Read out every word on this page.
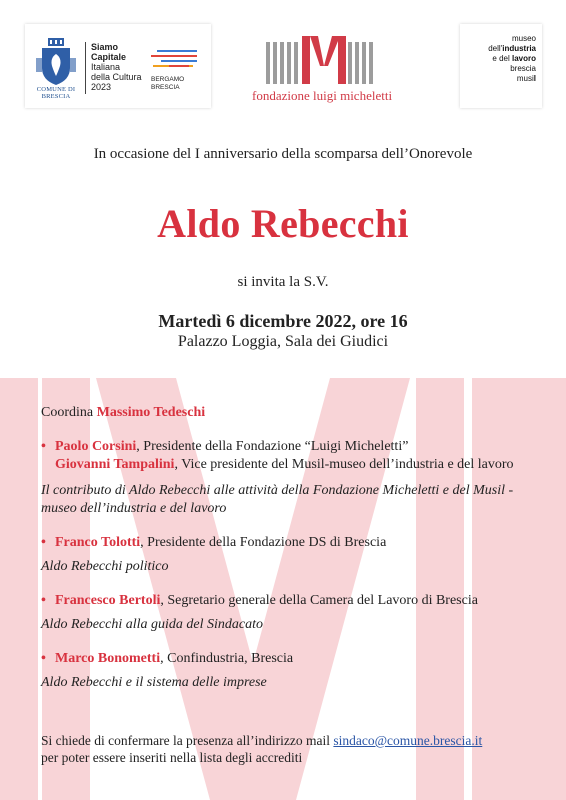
COMUNE DI
BRESCIA
Siamo
Capitale
Italiana
della Cultura
2023
BERGAMO
BRESCIA
fondazione luigi micheletti
museo
dell'industria
e del lavoro
brescia
musil
In occasione del I anniversario della scomparsa dell’Onorevole
Aldo Rebecchi
si invita la S.V.
Martedì 6 dicembre 2022, ore 16
Palazzo Loggia, Sala dei Giudici

Coordina Massimo Tedeschi

• Paolo Corsini, Presidente della Fondazione “Luigi Micheletti”

Giovanni Tampalini, Vice presidente del Musil-museo dell’industria e del lavoro

Il contributo di Aldo Rebecchi alle attività della Fondazione Micheletti e del Musil - museo dell’industria e del lavoro

• Franco Tolotti, Presidente della Fondazione DS di Brescia

Aldo Rebecchi politico

• Francesco Bertoli, Segretario generale della Camera del Lavoro di Brescia

Aldo Rebecchi alla guida del Sindacato

• Marco Bonometti, Confindustria, Brescia

Aldo Rebecchi e il sistema delle imprese

Si chiede di confermare la presenza all’indirizzo mail sindaco@comune.brescia.it
per poter essere inseriti nella lista degli accrediti
